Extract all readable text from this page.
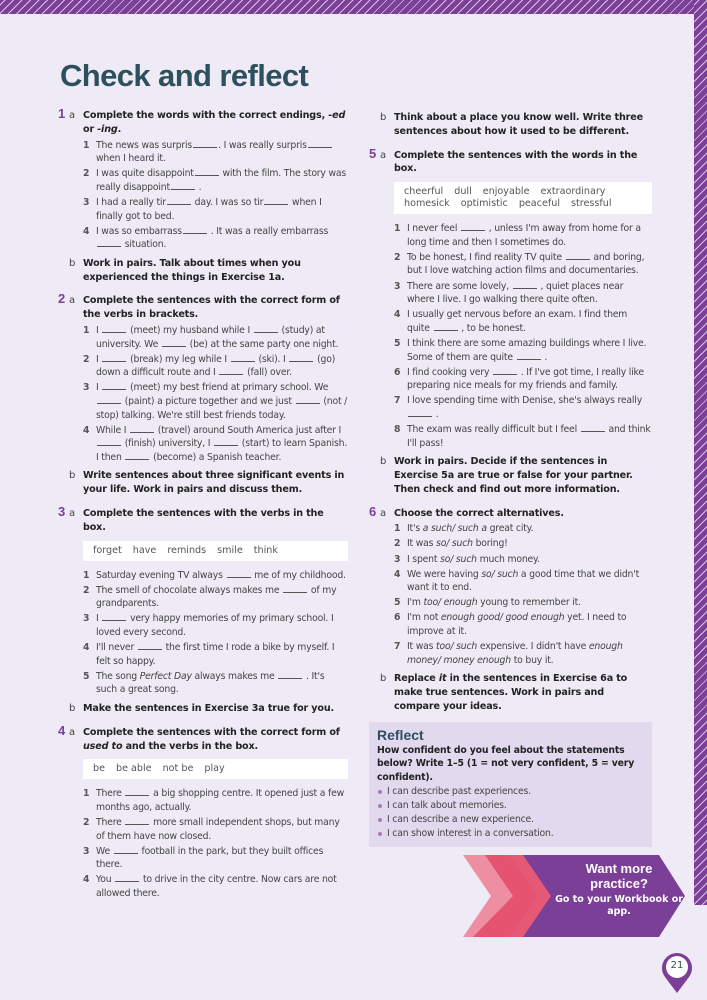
Check and reflect
1 a Complete the words with the correct endings, -ed or -ing.
1 The news was surpris	. I was really surpris when I heard it.
2 I was quite disappoint	with the film. The story was really disappoint	.
3 I had a really tir	day. I was so tir	when I finally got to bed.
4 I was so embarrass	. It was a really embarrass  situation.
b Work in pairs. Talk about times when you experienced the things in Exercise 1a.
2 a Complete the sentences with the correct form of the verbs in brackets.
1 I	(meet) my husband while I	(study) at university. We	(be) at the same party one night.
2 I	(break) my leg while I	(ski). I	(go) down a difficult route and I	(fall) over.
3 I	(meet) my best friend at primary school. We  (paint) a picture together and we just	(not / stop) talking. We're still best friends today.
4 While I	(travel) around South America just after I  (finish) university, I	(start) to learn Spanish. I then	(become) a Spanish teacher.
b Write sentences about three significant events in your life. Work in pairs and discuss them.
3 a Complete the sentences with the verbs in the box.
forget have reminds smile think
1 Saturday evening TV always	me of my childhood.
2 The smell of chocolate always makes me	of my grandparents.
3 I	very happy memories of my primary school. I loved every second.
4 I'll never	the first time I rode a bike by myself. I felt so happy.
5 The song Perfect Day always makes me	. It's such a great song.
b Make the sentences in Exercise 3a true for you.
4 a Complete the sentences with the correct form of used to and the verbs in the box.
be be able not be play
1 There	a big shopping centre. It opened just a few months ago, actually.
2 There	more small independent shops, but many of them have now closed.
3 We	football in the park, but they built offices there.
4 You	to drive in the city centre. Now cars are not allowed there.
b Think about a place you know well. Write three sentences about how it used to be different.
5 a Complete the sentences with the words in the box.
cheerful dull enjoyable extraordinary
homesick optimistic peaceful stressful
1 I never feel	, unless I'm away from home for a long time and then I sometimes do.
2 To be honest, I find reality TV quite	and boring, but I love watching action films and documentaries.
3 There are some lovely,	, quiet places near where I live. I go walking there quite often.
4 I usually get nervous before an exam. I find them quite	, to be honest.
5 I think there are some amazing buildings where I live. Some of them are quite	.
6 I find cooking very	. If I've got time, I really like preparing nice meals for my friends and family.
7 I love spending time with Denise, she's always really  .
8 The exam was really difficult but I feel	and think I'll pass!
b Work in pairs. Decide if the sentences in Exercise 5a are true or false for your partner. Then check and find out more information.
6 a Choose the correct alternatives.
1 It's a such/ such a great city.
2 It was so/ such boring!
3 I spent so/ such much money.
4 We were having so/ such a good time that we didn't want it to end.
5 I'm too/ enough young to remember it.
6 I'm not enough good/ good enough yet. I need to improve at it.
7 It was too/ such expensive. I didn't have enough money/ money enough to buy it.
b Replace it in the sentences in Exercise 6a to make true sentences. Work in pairs and compare your ideas.
Reflect
How confident do you feel about the statements below? Write 1–5 (1 = not very confident, 5 = very confident).
I can describe past experiences.
I can talk about memories.
I can describe a new experience.
I can show interest in a conversation.
Want more practice?
Go to your Workbook or app.
21
